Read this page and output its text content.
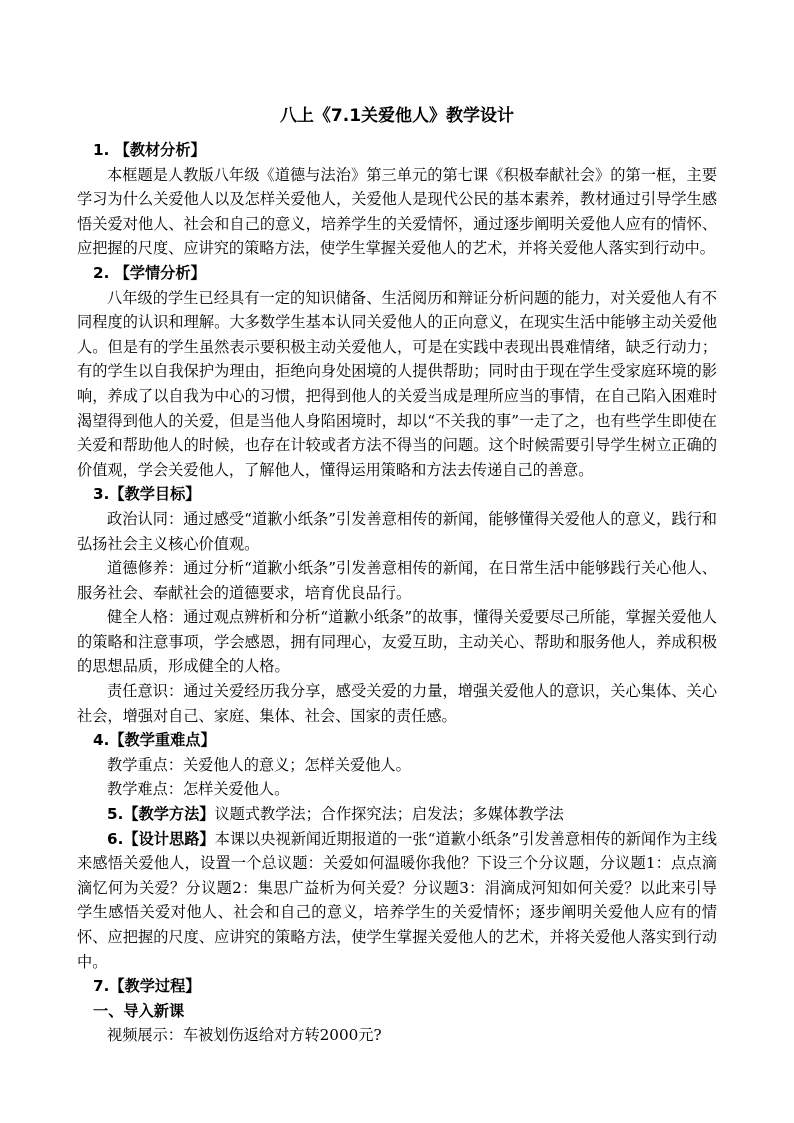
八上《7.1关爱他人》教学设计

1. 【教材分析】

本框题是人教版八年级《道德与法治》第三单元的第七课《积极奉献社会》的第一框，主要学习为什么关爱他人以及怎样关爱他人，关爱他人是现代公民的基本素养，教材通过引导学生感悟关爱对他人、社会和自己的意义，培养学生的关爱情怀，通过逐步阐明关爱他人应有的情怀、应把握的尺度、应讲究的策略方法，使学生掌握关爱他人的艺术，并将关爱他人落实到行动中。

2. 【学情分析】

八年级的学生已经具有一定的知识储备、生活阅历和辩证分析问题的能力，对关爱他人有不同程度的认识和理解。大多数学生基本认同关爱他人的正向意义，在现实生活中能够主动关爱他人。但是有的学生虽然表示要积极主动关爱他人，可是在实践中表现出畏难情绪，缺乏行动力；有的学生以自我保护为理由，拒绝向身处困境的人提供帮助；同时由于现在学生受家庭环境的影响，养成了以自我为中心的习惯，把得到他人的关爱当成是理所应当的事情，在自己陷入困难时渴望得到他人的关爱，但是当他人身陷困境时，却以“不关我的事”一走了之，也有些学生即使在关爱和帮助他人的时候，也存在计较或者方法不得当的问题。这个时候需要引导学生树立正确的价值观，学会关爱他人，了解他人，懂得运用策略和方法去传递自己的善意。

3.【教学目标】

政治认同：通过感受“道歉小纸条”引发善意相传的新闻，能够懂得关爱他人的意义，践行和弘扬社会主义核心价值观。

道德修养：通过分析“道歉小纸条”引发善意相传的新闻，在日常生活中能够践行关心他人、服务社会、奉献社会的道德要求，培育优良品行。

健全人格：通过观点辨析和分析“道歉小纸条”的故事，懂得关爱要尽己所能，掌握关爱他人的策略和注意事项，学会感恩，拥有同理心，友爱互助，主动关心、帮助和服务他人，养成积极的思想品质，形成健全的人格。

责任意识：通过关爱经历我分享，感受关爱的力量，增强关爱他人的意识，关心集体、关心社会，增强对自己、家庭、集体、社会、国家的责任感。

4.【教学重难点】

教学重点：关爱他人的意义；怎样关爱他人。

教学难点：怎样关爱他人。

5.【教学方法】议题式教学法；合作探究法；启发法；多媒体教学法

6.【设计思路】本课以央视新闻近期报道的一张“道歉小纸条”引发善意相传的新闻作为主线来感悟关爱他人，设置一个总议题：关爱如何温暖你我他？下设三个分议题，分议题1：点点滴滴忆何为关爱？分议题2：集思广益析为何关爱？分议题3：涓滴成河知如何关爱？以此来引导学生感悟关爱对他人、社会和自己的意义，培养学生的关爱情怀；逐步阐明关爱他人应有的情怀、应把握的尺度、应讲究的策略方法，使学生掌握关爱他人的艺术，并将关爱他人落实到行动中。

7.【教学过程】

一、导入新课

视频展示：车被划伤返给对方转2000元?
